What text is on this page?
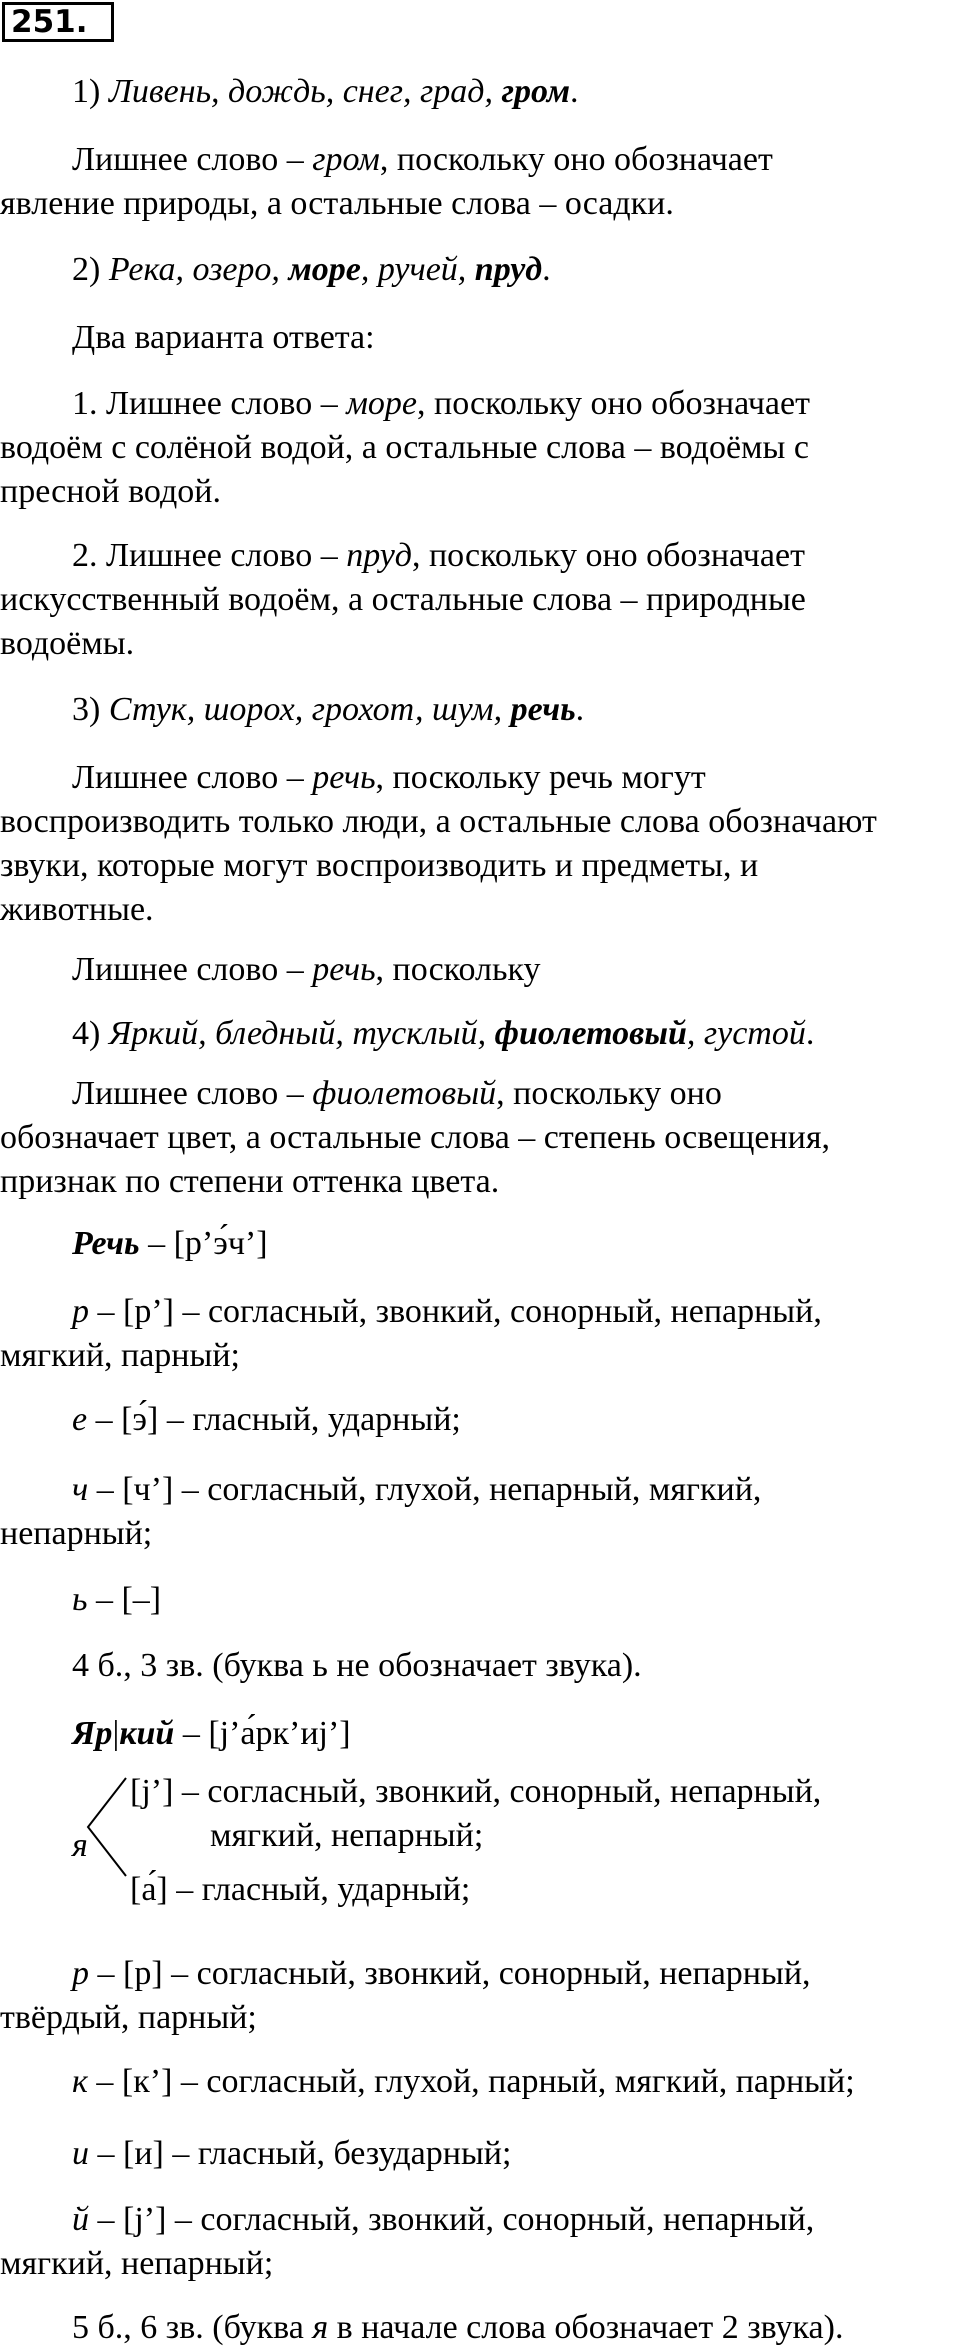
251.

1) Ливень, дождь, снег, град, гром.

Лишнее слово – гром, поскольку оно обозначает

явление природы, а остальные слова – осадки.

2) Река, озеро, море, ручей, пруд.

Два варианта ответа:

1. Лишнее слово – море, поскольку оно обозначает

водоём с солёной водой, а остальные слова – водоёмы с

пресной водой.

2. Лишнее слово – пруд, поскольку оно обозначает

искусственный водоём, а остальные слова – природные

водоёмы.

3) Стук, шорох, грохот, шум, речь.

Лишнее слово – речь, поскольку речь могут

воспроизводить только люди, а остальные слова обозначают

звуки, которые могут воспроизводить и предметы, и

животные.

Лишнее слово – речь, поскольку

4) Яркий, бледный, тусклый, фиолетовый, густой.

Лишнее слово – фиолетовый, поскольку оно

обозначает цвет, а остальные слова – степень освещения,

признак по степени оттенка цвета.

Речь – [р’э́ч’]

р – [р’] – согласный, звонкий, сонорный, непарный,

мягкий, парный;

е – [э́] – гласный, ударный;

ч – [ч’] – согласный, глухой, непарный, мягкий,

непарный;

ь – [–]

4 б., 3 зв. (буква ь не обозначает звука).

Яр|кий – [j’а́рк’иj’]

я
[j’] – согласный, звонкий, сонорный, непарный,
мягкий, непарный;
[а́] – гласный, ударный;

р – [р] – согласный, звонкий, сонорный, непарный,

твёрдый, парный;

к – [к’] – согласный, глухой, парный, мягкий, парный;

и – [и] – гласный, безударный;

й – [j’] – согласный, звонкий, сонорный, непарный,

мягкий, непарный;

5 б., 6 зв. (буква я в начале слова обозначает 2 звука).
